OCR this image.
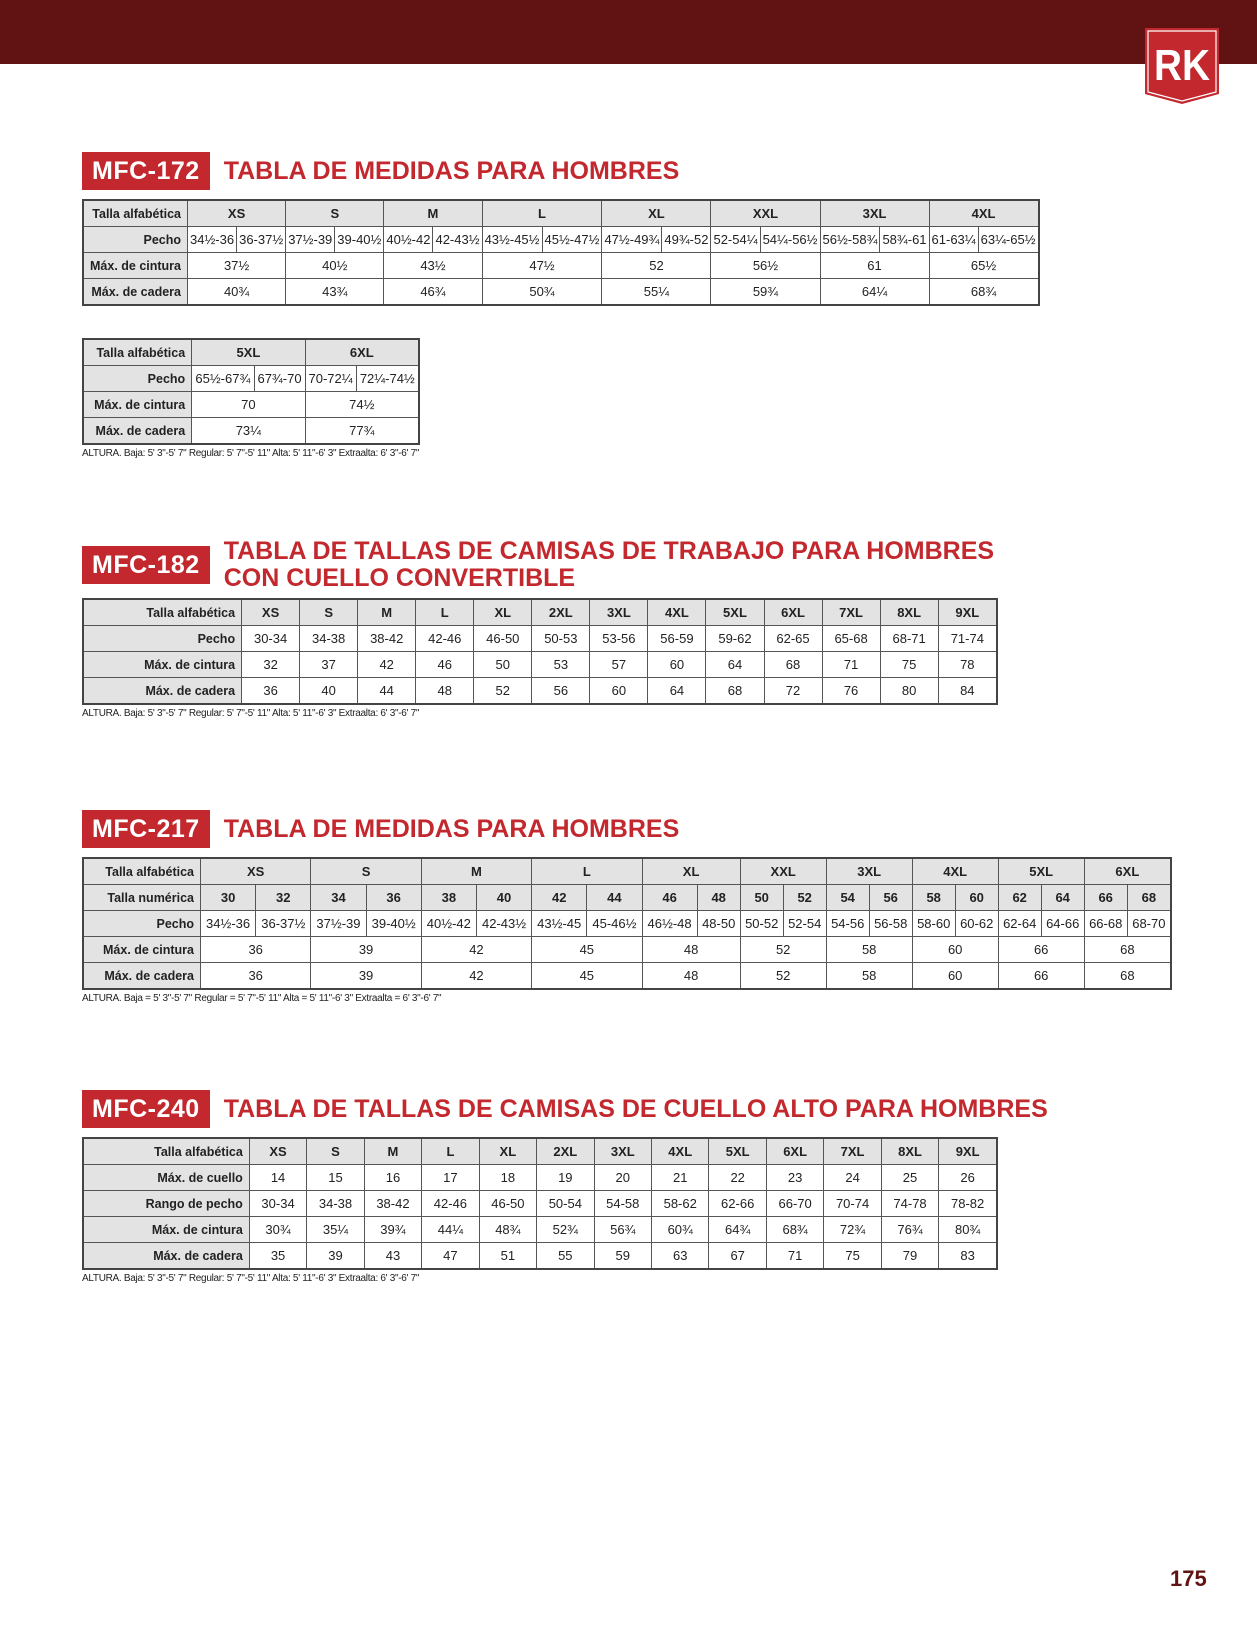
RK
MFC-172 TABLA DE MEDIDAS PARA HOMBRES
Talla alfabética	XS		S		M		L		XL		XXL		3XL		4XL	
Pecho	34½-36	36-37½	37½-39	39-40½	40½-42	42-43½	43½-45½	45½-47½	47½-49¾	49¾-52	52-54¼	54¼-56½	56½-58¾	58¾-61	61-63¼	63¼-65½
Máx. de cintura	37½		40½		43½		47½		52		56½		61		65½	
Máx. de cadera	40¾		43¾		46¾		50¾		55¼		59¾		64¼		68¾	
Talla alfabética	5XL		6XL	
Pecho	65½-67¾	67¾-70	70-72¼	72¼-74½
Máx. de cintura	70		74½	
Máx. de cadera	73¼		77¾	
ALTURA. Baja: 5' 3"-5' 7" Regular: 5' 7"-5' 11" Alta: 5' 11"-6' 3" Extraalta: 6' 3"-6' 7"
MFC-182 TABLA DE TALLAS DE CAMISAS DE TRABAJO PARA HOMBRES
CON CUELLO CONVERTIBLE
Talla alfabética	XS	S	M	L	XL	2XL	3XL	4XL	5XL	6XL	7XL	8XL	9XL
Pecho	30-34	34-38	38-42	42-46	46-50	50-53	53-56	56-59	59-62	62-65	65-68	68-71	71-74
Máx. de cintura	32	37	42	46	50	53	57	60	64	68	71	75	78
Máx. de cadera	36	40	44	48	52	56	60	64	68	72	76	80	84
ALTURA. Baja: 5' 3"-5' 7" Regular: 5' 7"-5' 11" Alta: 5' 11"-6' 3" Extraalta: 6' 3"-6' 7"
MFC-217 TABLA DE MEDIDAS PARA HOMBRES
Talla alfabética	XS		S		M		L		XL		XXL		3XL		4XL		5XL		6XL	
Talla numérica	30	32	34	36	38	40	42	44	46	48	50	52	54	56	58	60	62	64	66	68
Pecho	34½-36	36-37½	37½-39	39-40½	40½-42	42-43½	43½-45	45-46½	46½-48	48-50	50-52	52-54	54-56	56-58	58-60	60-62	62-64	64-66	66-68	68-70
Máx. de cintura	36		39		42		45		48		52		58		60		66		68	
Máx. de cadera	36		39		42		45		48		52		58		60		66		68	
ALTURA. Baja = 5' 3"-5' 7" Regular = 5' 7"-5' 11" Alta = 5' 11"-6' 3" Extraalta = 6' 3"-6' 7"
MFC-240 TABLA DE TALLAS DE CAMISAS DE CUELLO ALTO PARA HOMBRES
Talla alfabética	XS	S	M	L	XL	2XL	3XL	4XL	5XL	6XL	7XL	8XL	9XL
Máx. de cuello	14	15	16	17	18	19	20	21	22	23	24	25	26
Rango de pecho	30-34	34-38	38-42	42-46	46-50	50-54	54-58	58-62	62-66	66-70	70-74	74-78	78-82
Máx. de cintura	30¾	35¼	39¾	44¼	48¾	52¾	56¾	60¾	64¾	68¾	72¾	76¾	80¾
Máx. de cadera	35	39	43	47	51	55	59	63	67	71	75	79	83
ALTURA. Baja: 5' 3"-5' 7" Regular: 5' 7"-5' 11" Alta: 5' 11"-6' 3" Extraalta: 6' 3"-6' 7"
175
